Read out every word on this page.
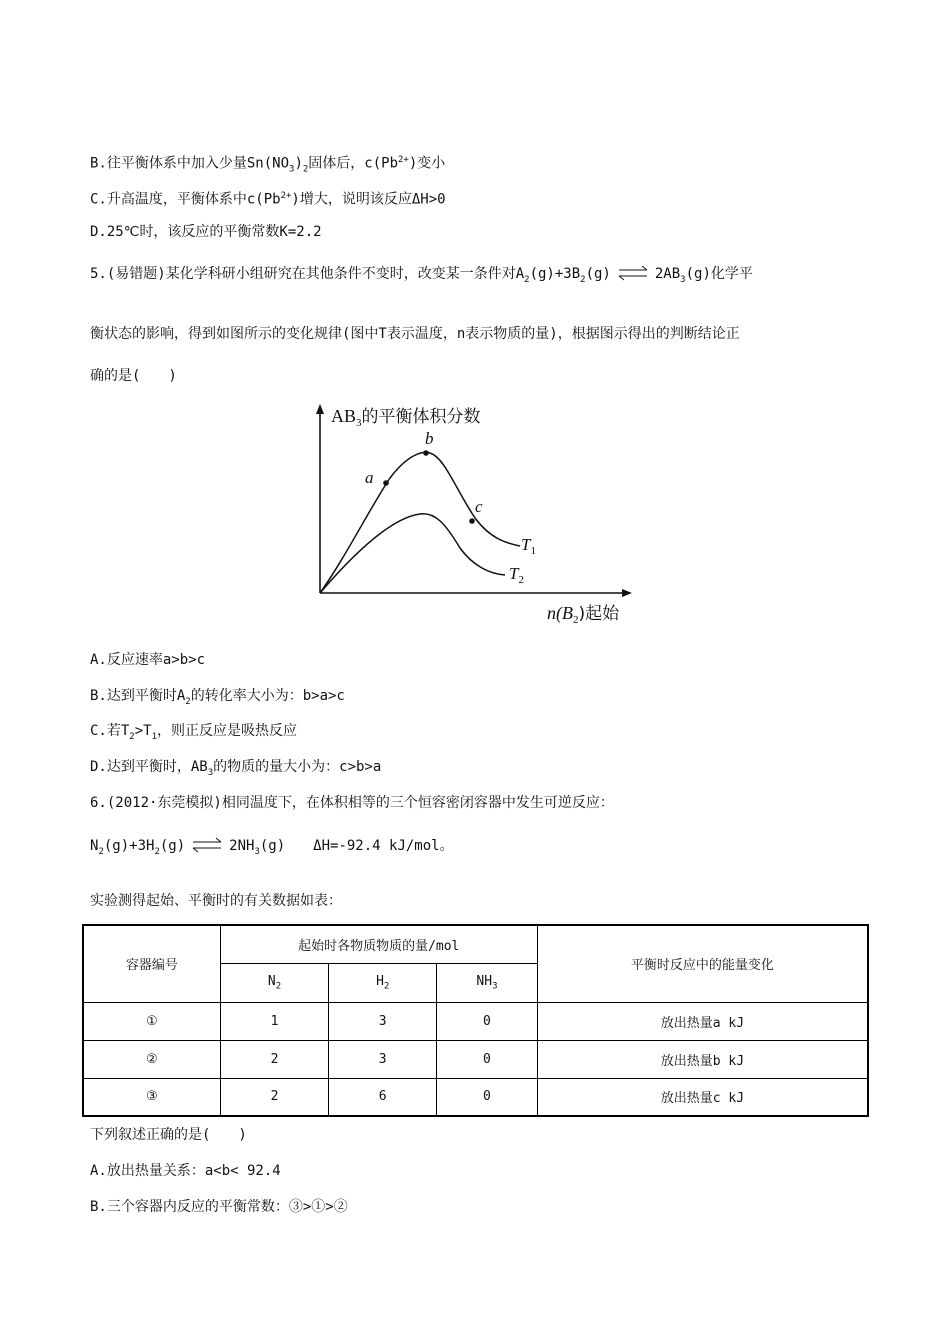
B.往平衡体系中加入少量$Sn(NO_3)_2$固体后，$c(Pb^{2+})$变小
C.升高温度，平衡体系中$c(Pb^{2+})$增大，说明该反应ΔH>0
D.25℃时，该反应的平衡常数K=2.2
5.(易错题)某化学科研小组研究在其他条件不变时，改变某一条件对$A_2(g)+3B_2(g)$ ⇌ $2AB_3(g)$化学平
衡状态的影响，得到如图所示的变化规律(图中T表示温度，n表示物质的量)，根据图示得出的判断结论正
确的是(　　)
$AB_3$的平衡体积分数
$n(B_2)$起始
a
b
c
$T_1$
$T_2$
A.反应速率a>b>c
B.达到平衡时$A_2$的转化率大小为：b>a>c
C.若$T_2>T_1$，则正反应是吸热反应
D.达到平衡时，$AB_3$的物质的量大小为：c>b>a
6.(2012·东莞模拟)相同温度下，在体积相等的三个恒容密闭容器中发生可逆反应：
$N_2(g)+3H_2(g)$ ⇌ $2NH_3(g)$　　ΔH=-92.4 kJ/mol。
实验测得起始、平衡时的有关数据如表：
容器编号	起始时各物质物质的量/mol			平衡时反应中的能量变化
	$N_2$	$H_2$	$NH_3$
①	1	3	0	放出热量a kJ
②	2	3	0	放出热量b kJ
③	2	6	0	放出热量c kJ
下列叙述正确的是(　　)
A.放出热量关系：a<b< 92.4
B.三个容器内反应的平衡常数：③>①>②
